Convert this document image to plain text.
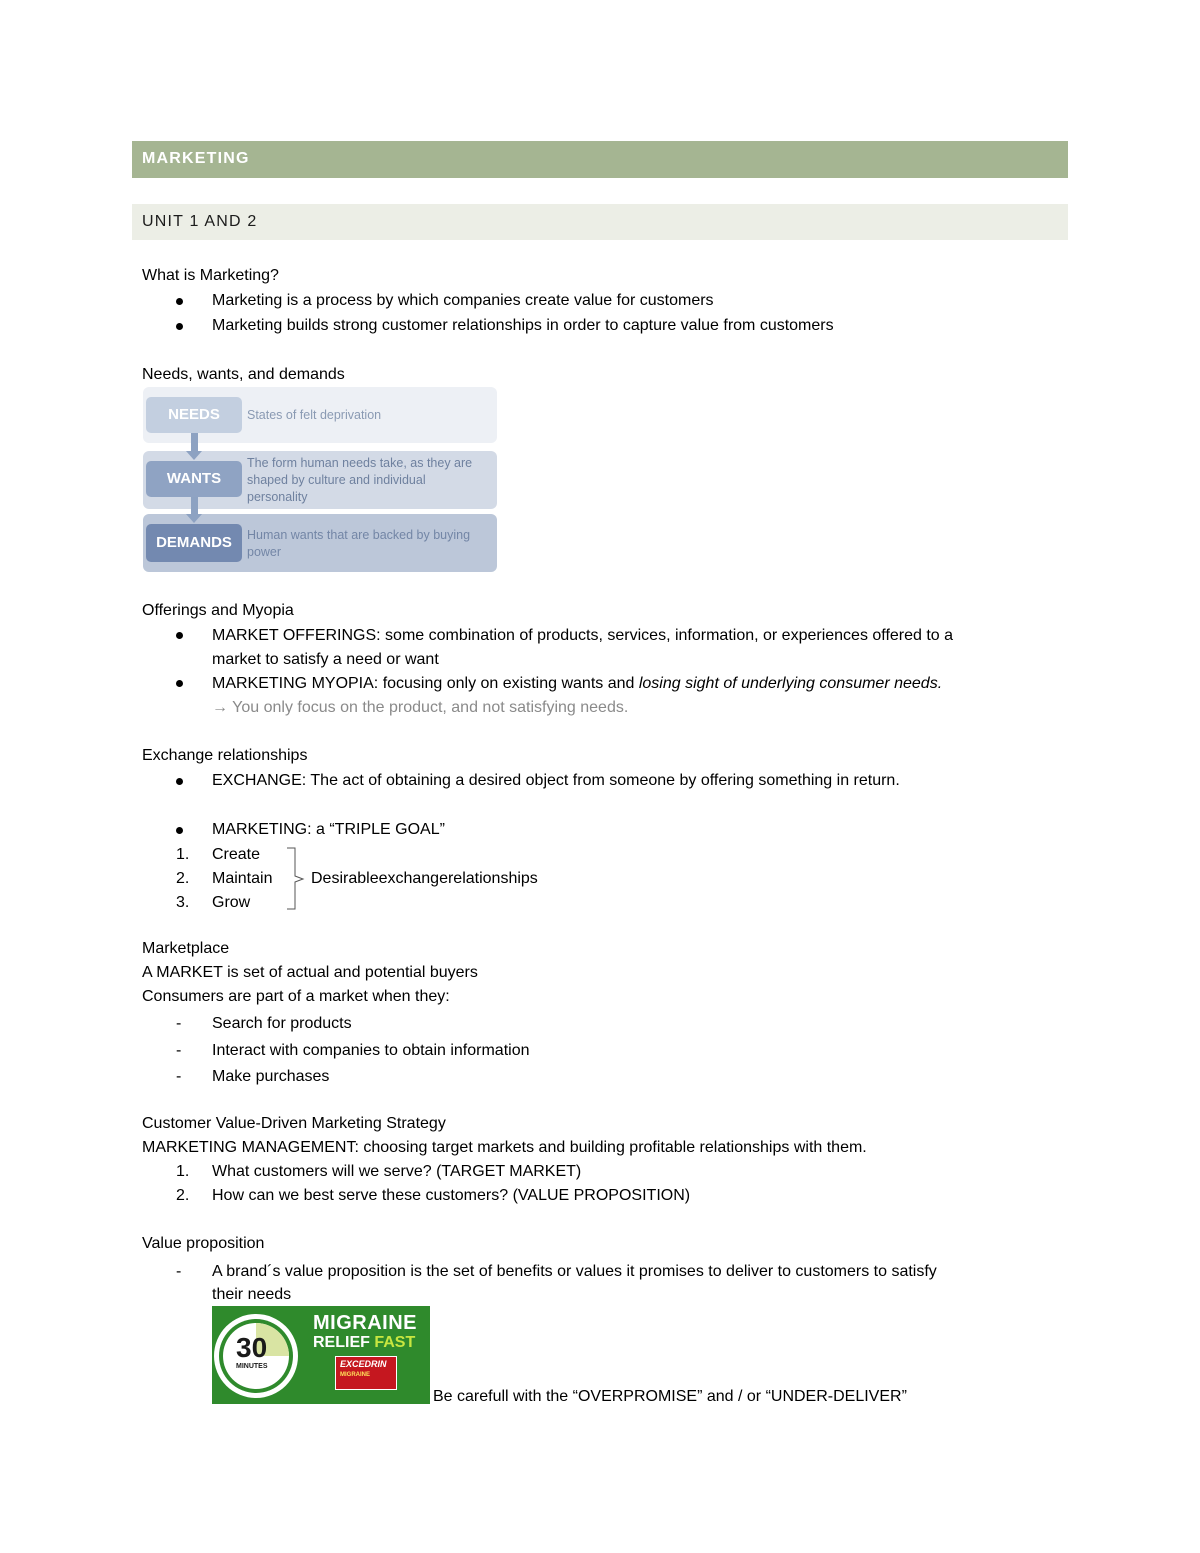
MARKETING
UNIT 1 AND 2
What is Marketing?
Marketing is a process by which companies create value for customers
Marketing builds strong customer relationships in order to capture value from customers
Needs, wants, and demands
NEEDS
WANTS
DEMANDS
States of felt deprivation
The form human needs take, as they are shaped by culture and individual personality
Human wants that are backed by buying power
Offerings and Myopia
MARKET OFFERINGS: some combination of products, services, information, or experiences offered to a
market to satisfy a need or want
MARKETING MYOPIA: focusing only on existing wants and losing sight of underlying consumer needs.
→ You only focus on the product, and not satisfying needs.
Exchange relationships
EXCHANGE: The act of obtaining a desired object from someone by offering something in return.
MARKETING: a “TRIPLE GOAL”
1. Create
2. Maintain
3. Grow
Desirableexchangerelationships
Marketplace
A MARKET is set of actual and potential buyers
Consumers are part of a market when they:
- Search for products
- Interact with companies to obtain information
- Make purchases
Customer Value-Driven Marketing Strategy
MARKETING MANAGEMENT: choosing target markets and building profitable relationships with them.
1. What customers will we serve? (TARGET MARKET)
2. How can we best serve these customers? (VALUE PROPOSITION)
Value proposition
- A brand´s value proposition is the set of benefits or values it promises to deliver to customers to satisfy
their needs
30
MINUTES
MIGRAINE
RELIEF FAST
EXCEDRIN
MIGRAINE
Be carefull with the “OVERPROMISE” and / or “UNDER-DELIVER”
